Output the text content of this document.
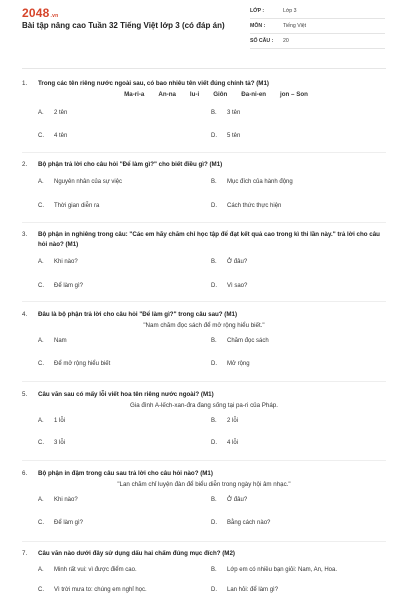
2048.vn
Bài tập nâng cao Tuần 32 Tiếng Việt lớp 3 (có đáp án)
LỚP :	Lớp 3
MÔN :	Tiếng Việt
SỐ CÂU :	20
1.	Trong các tên riêng nước ngoài sau, có bao nhiêu tên viết đúng chính tả? (M1)
Ma-ri-a An-na Iu-i Giôn Đa-ni-en jon – Son
A.	2 tên	B.	3 tên
C.	4 tên	D.	5 tên
2.	Bộ phận trả lời cho câu hỏi "Để làm gì?" cho biết điều gì? (M1)
A.	Nguyên nhân của sự việc	B.	Mục đích của hành động
C.	Thời gian diễn ra	D.	Cách thức thực hiện
3.	Bộ phận in nghiêng trong câu: "Các em hãy chăm chỉ học tập để đạt kết quả cao trong kì thi lần này." trả lời cho câu hỏi nào? (M1)
A.	Khi nào?	B.	Ở đâu?
C.	Để làm gì?	D.	Vì sao?
4.	Đâu là bộ phận trả lời cho câu hỏi "Để làm gì?" trong câu sau? (M1)
"Nam chăm đọc sách để mở rộng hiểu biết."
A.	Nam	B.	Chăm đọc sách
C.	Để mở rộng hiểu biết	D.	Mở rộng
5.	Câu văn sau có mấy lỗi viết hoa tên riêng nước ngoài? (M1)
Gia đình A-lếch-xan-đra đang sống tại pa-ri của Pháp.
A.	1 lỗi	B.	2 lỗi
C.	3 lỗi	D.	4 lỗi
6.	Bộ phận in đậm trong câu sau trả lời cho câu hỏi nào? (M1)
"Lan chăm chỉ luyện đàn để biểu diễn trong ngày hội âm nhạc."
A.	Khi nào?	B.	Ở đâu?
C.	Để làm gì?	D.	Bằng cách nào?
7.	Câu văn nào dưới đây sử dụng dấu hai chấm đúng mục đích? (M2)
A.	Minh rất vui: vì được điểm cao.	B.	Lớp em có nhiều bạn giỏi: Nam, An, Hoa.
C.	Vì trời mưa to: chúng em nghỉ học.	D.	Lan hỏi: để làm gì?
